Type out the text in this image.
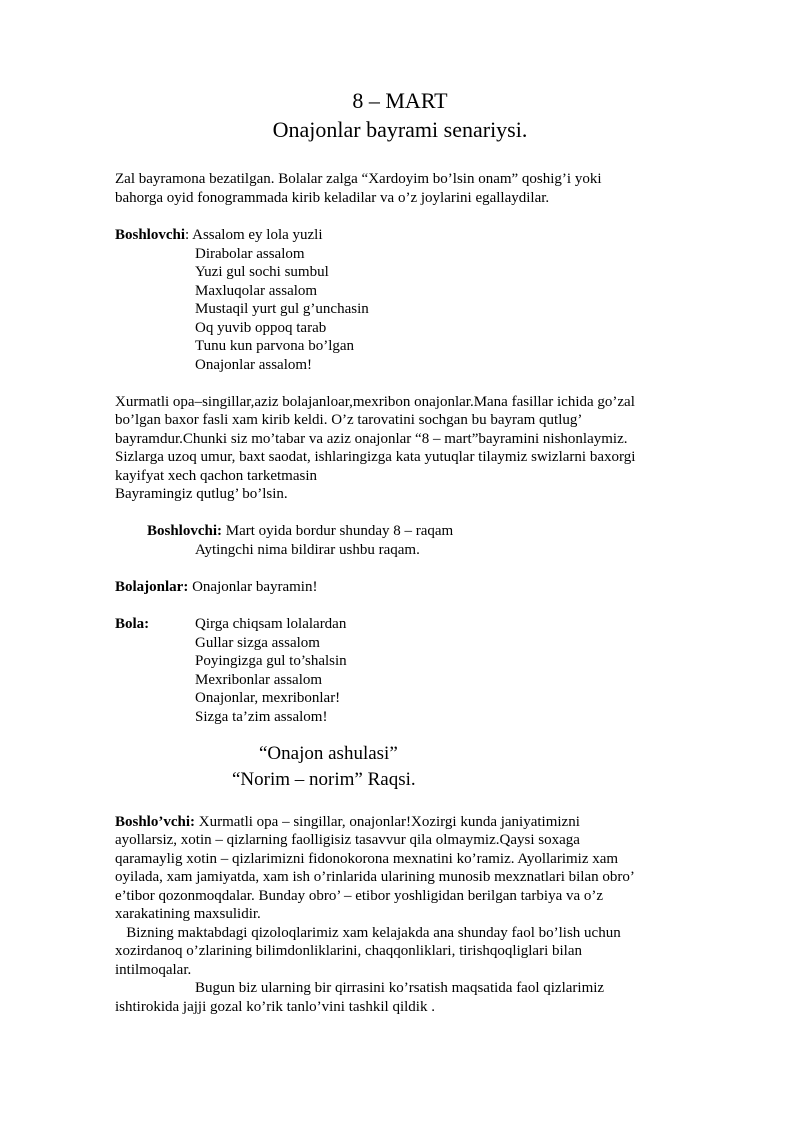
8 – MART
Onajonlar bayrami senariysi.
Zal bayramona bezatilgan. Bolalar zalga “Xardoyim bo’lsin onam” qoshig’i yoki
bahorga oyid fonogrammada kirib keladilar va o’z joylarini egallaydilar.
Boshlovchi: Assalom ey lola yuzli
Dirabolar assalom
Yuzi gul sochi sumbul
Maxluqolar assalom
Mustaqil yurt gul g’unchasin
Oq yuvib oppoq tarab
Tunu kun parvona bo’lgan
Onajonlar assalom!
Xurmatli opa–singillar,aziz bolajanloar,mexribon onajonlar.Mana fasillar ichida go’zal
bo’lgan baxor fasli xam kirib keldi. O’z tarovatini sochgan bu bayram qutlug’
bayramdur.Chunki siz mo’tabar va aziz onajonlar “8 – mart”bayramini nishonlaymiz.
Sizlarga uzoq umur, baxt saodat, ishlaringizga kata yutuqlar tilaymiz swizlarni baxorgi
kayifyat xech qachon tarketmasin
Bayramingiz qutlug’ bo’lsin.
Boshlovchi: Mart oyida bordur shunday 8 – raqam
Aytingchi nima bildirar ushbu raqam.
Bolajonlar: Onajonlar bayramin!
Bola:	Qirga chiqsam lolalardan
Gullar sizga assalom
Poyingizga gul to’shalsin
Mexribonlar assalom
Onajonlar, mexribonlar!
Sizga ta’zim assalom!
“Onajon ashulasi”
“Norim – norim” Raqsi.
Boshlo’vchi: Xurmatli opa – singillar, onajonlar!Xozirgi kunda janiyatimizni
ayollarsiz, xotin – qizlarning faolligisiz tasavvur qila olmaymiz.Qaysi soxaga
qaramaylig xotin – qizlarimizni fidonokorona mexnatini ko’ramiz. Ayollarimiz xam
oyilada, xam jamiyatda, xam ish o’rinlarida ularining munosib mexznatlari bilan obro’
e’tibor qozonmoqdalar. Bunday obro’ – etibor yoshligidan berilgan tarbiya va o’z
xarakatining maxsulidir.
Bizning maktabdagi qizoloqlarimiz xam kelajakda ana shunday faol bo’lish uchun
xozirdanoq o’zlarining bilimdonliklarini, chaqqonliklari, tirishqoqliglari bilan
intilmoqalar.
Bugun biz ularning bir qirrasini ko’rsatish maqsatida faol qizlarimiz
ishtirokida jajji gozal ko’rik tanlo’vini tashkil qildik .
